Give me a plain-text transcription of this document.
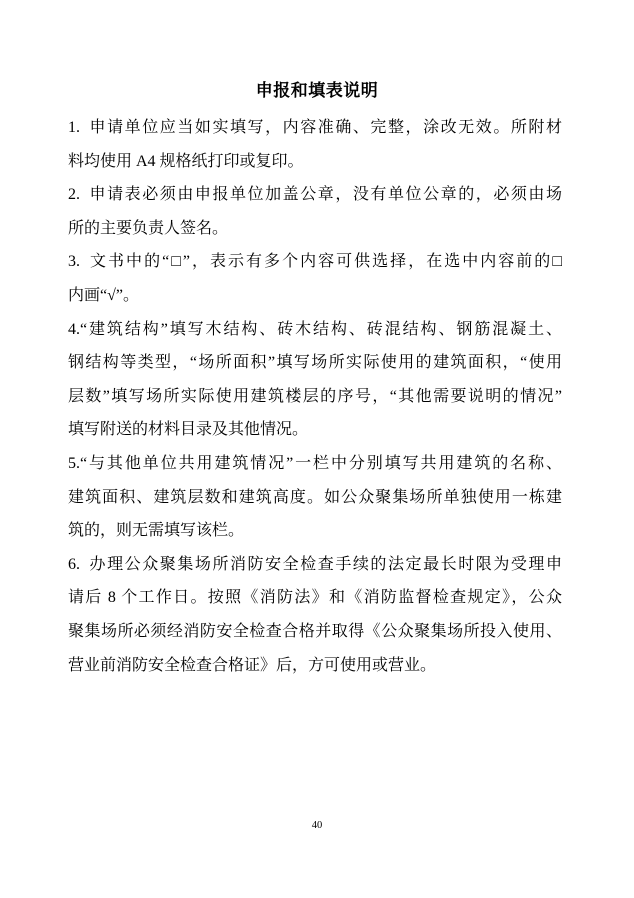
申报和填表说明
1. 申请单位应当如实填写，内容准确、完整，涂改无效。所附材
料均使用 A4 规格纸打印或复印。
2. 申请表必须由申报单位加盖公章，没有单位公章的，必须由场
所的主要负责人签名。
3. 文书中的“□”，表示有多个内容可供选择，在选中内容前的□
内画“√”。
4.“建筑结构”填写木结构、砖木结构、砖混结构、钢筋混凝土、
钢结构等类型，“场所面积”填写场所实际使用的建筑面积，“使用
层数”填写场所实际使用建筑楼层的序号，“其他需要说明的情况”
填写附送的材料目录及其他情况。
5.“与其他单位共用建筑情况”一栏中分别填写共用建筑的名称、
建筑面积、建筑层数和建筑高度。如公众聚集场所单独使用一栋建
筑的，则无需填写该栏。
6. 办理公众聚集场所消防安全检查手续的法定最长时限为受理申
请后 8 个工作日。按照《消防法》和《消防监督检查规定》，公众
聚集场所必须经消防安全检查合格并取得《公众聚集场所投入使用、
营业前消防安全检查合格证》后，方可使用或营业。
40
